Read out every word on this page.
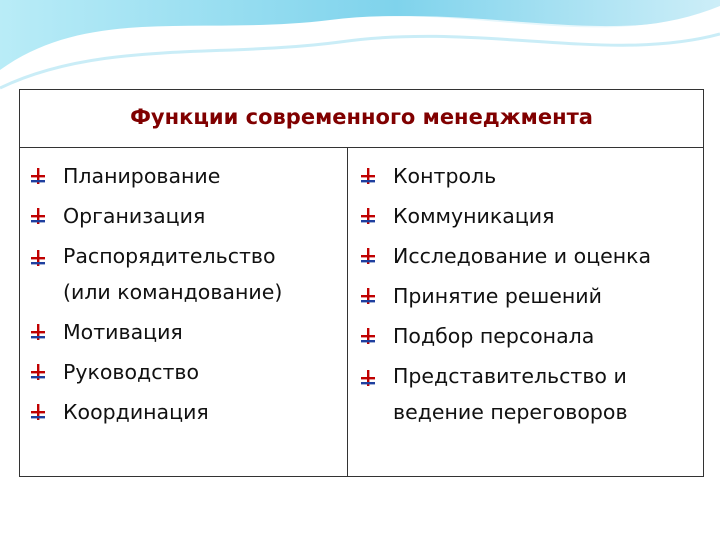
Функции современного менеджмента
Планирование
Организация
Распорядительство (или командование)
Мотивация
Руководство
Координация
Контроль
Коммуникация
Исследование и оценка
Принятие решений
Подбор персонала
Представительство и ведение переговоров
